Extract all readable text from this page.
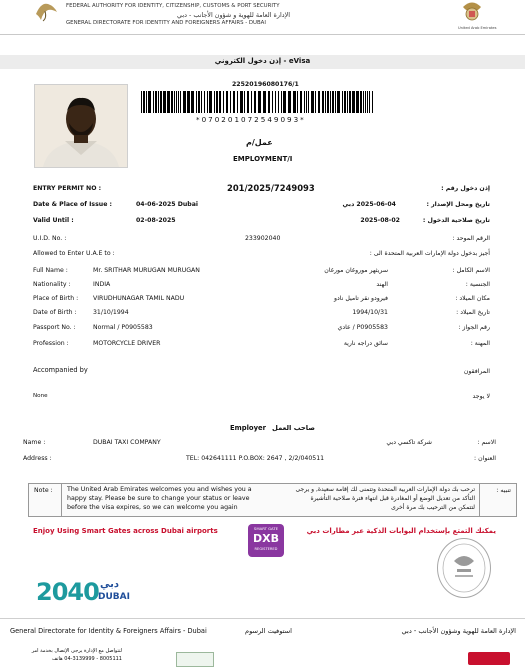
FEDERAL AUTHORITY FOR IDENTITY, CITIZENSHIP, CUSTOMS & PORT SECURITY
الإدارة العامة للهوية و شؤون الأجانب - دبي
GENERAL DIRECTORATE FOR IDENTITY AND FOREIGNERS AFFAIRS - DUBAI
United Arab Emirates
إذن دخول الكتروني - eVisa
22520196080176/1
*070201072549093*
عمل/م
EMPLOYMENT/I
ENTRY PERMIT NO :	201/2025/7249093	إذن دخول رقم :
Date & Place of Issue :	04-06-2025 Dubai	2025-06-04 دبي	تاريخ ومحل الإصدار :
Valid Until :	02-08-2025	2025-08-02	تاريخ صلاحية الدخول :
U.I.D. No. :	233902040	الرقم الموحد :
Allowed to Enter U.A.E to :	أجيز بدخول دولة الإمارات العربية المتحدة الى :
Full Name :	Mr. SRITHAR MURUGAN MURUGAN	سريثهر موروغان مورغان	الاسم الكامل :
Nationality :	INDIA	الهند	الجنسية :
Place of Birth : VIRUDHUNAGAR TAMIL NADU	فيرودو نقر تاميل نادو	مكان الميلاد :
Date of Birth :	31/10/1994	1994/10/31	تاريخ الميلاد :
Passport No. :	Normal / P0905583	P0905583 / عادي	رقم الجواز :
Profession :	MOTORCYCLE DRIVER	سائق دراجه نارية	المهنة :
Accompanied by	المرافقون
None	لا يوجد
Employer صاحب العمل
Name :	DUBAI TAXI COMPANY	شركة تاكسي دبي	الاسم :
Address :	TEL: 042641111 P.O.BOX: 2647 , 2/2/040511	العنوان :
Note : The United Arab Emirates welcomes you and wishes you a
happy stay. Please be sure to change your status or leave
before the visa expires, so we can welcome you again
ترحب بك دولة الإمارات العربية المتحدة وتتمنى لك إقامة سعيدة, و يرجى
التأكد من تعديل الوضع أو المغادرة قبل انتهاء فترة صلاحية التأشيرة
لتتمكن من الترحيب بك مرة أخرى
تنبيه :
Enjoy Using Smart Gates across Dubai airports	يمكنك التمتع بإستخدام البوابات الذكية عبر مطارات دبي
SMART GATE
DXB
REGISTERED
2040 دبي
DUBAI
General Directorate for Identity & Foreigners Affairs - Dubai	استوفيت الرسوم	الإدارة العامة للهوية وشؤون الأجانب - دبي
لتتواصل مع الإدارة يرجى الإتصال بخدمة امر
8005111 - 04-3139999 هاتف
